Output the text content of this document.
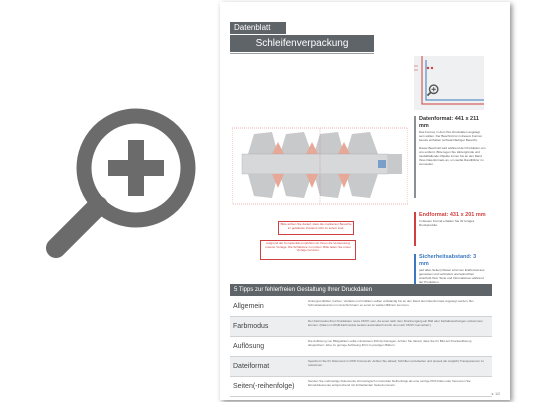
Datenblatt
Schleifenverpackung
Datenformat: 441 x 211 mm
Das Format, in dem Ihre Druckdaten angelegt sein sollten. Der Beschnitt ist in diesem Format bereits enthalten (schwarz/farbiger Bereich).
Dieser Beschnitt wird während der Produktion von uns entfernt. Bitte legen Sie Hintergründe und randabfallende Objekte immer bis an den Rand Ihres Datenformats an, um weiße Randblitzer zu vermeiden.
Endformat: 431 x 201 mm
In diesem Format erhalten Sie Ihr fertiges Druckprodukt.
Sicherheitsabstand: 3 mm
(auf allen Seiten) Dieser wird vom Endformat aus gemessen und verhindert unerwünschten Anschnitt Ihrer Texte und Informationen während der Produktion.
Bitte achten Sie darauf, dass die markierten Bereiche im gefalteten Zustand nicht zu sehen sind.
Aufgrund der Komplexität empfehlen wir Ihnen die Verwendung unserer Vorlage. Die Schablone zu nutzen. Bitte laden Sie unser Vorlage herunter.
5 Tipps zur fehlerfreien Gestaltung Ihrer Druckdaten
Allgemein
Hintergrundbilder, Farben, Verläufe und Grafiken sollten vollständig bis an den Rand des Datenformats angelegt werden. Bei Schneidetoleranzen im Anschnitt kann es sonst zu weißen Blitzern kommen.
Farbmodus
Der Farbmodus Ihrer Druckdaten muss CMYK sein, da sonst nach dem Druckvorgang ein Bild oder Farbabweichungen vorkommen können. (Daten im RGB-Farbmodus werden automatisch durch uns nach CMYK konvertiert.)
Auflösung
Die Auflösung von Bildgrafiken sollte mindestens 300 dpi betragen. Achten Sie darauf, dass Sie Ihr Bild auf Druckauflösung abspeichern. Eine zu geringe Auflösung führt zu pixeligen Bildern.
Dateiformat
Speichern Sie Ihr Dokument im PDF Format ab. Achten Sie darauf, Schriften einzubetten und (soweit als möglich) Transparenzen zu reduzieren.
Seiten(-reihenfolge)
Senden Sie mehrseitige Dokumente chronologisch in korrekter Reihenfolge als eine einzige PDF-Datei oder benennen Sie Einzeldokumente entsprechend mit fortlaufenden Seitennummern.
s. 1/2
